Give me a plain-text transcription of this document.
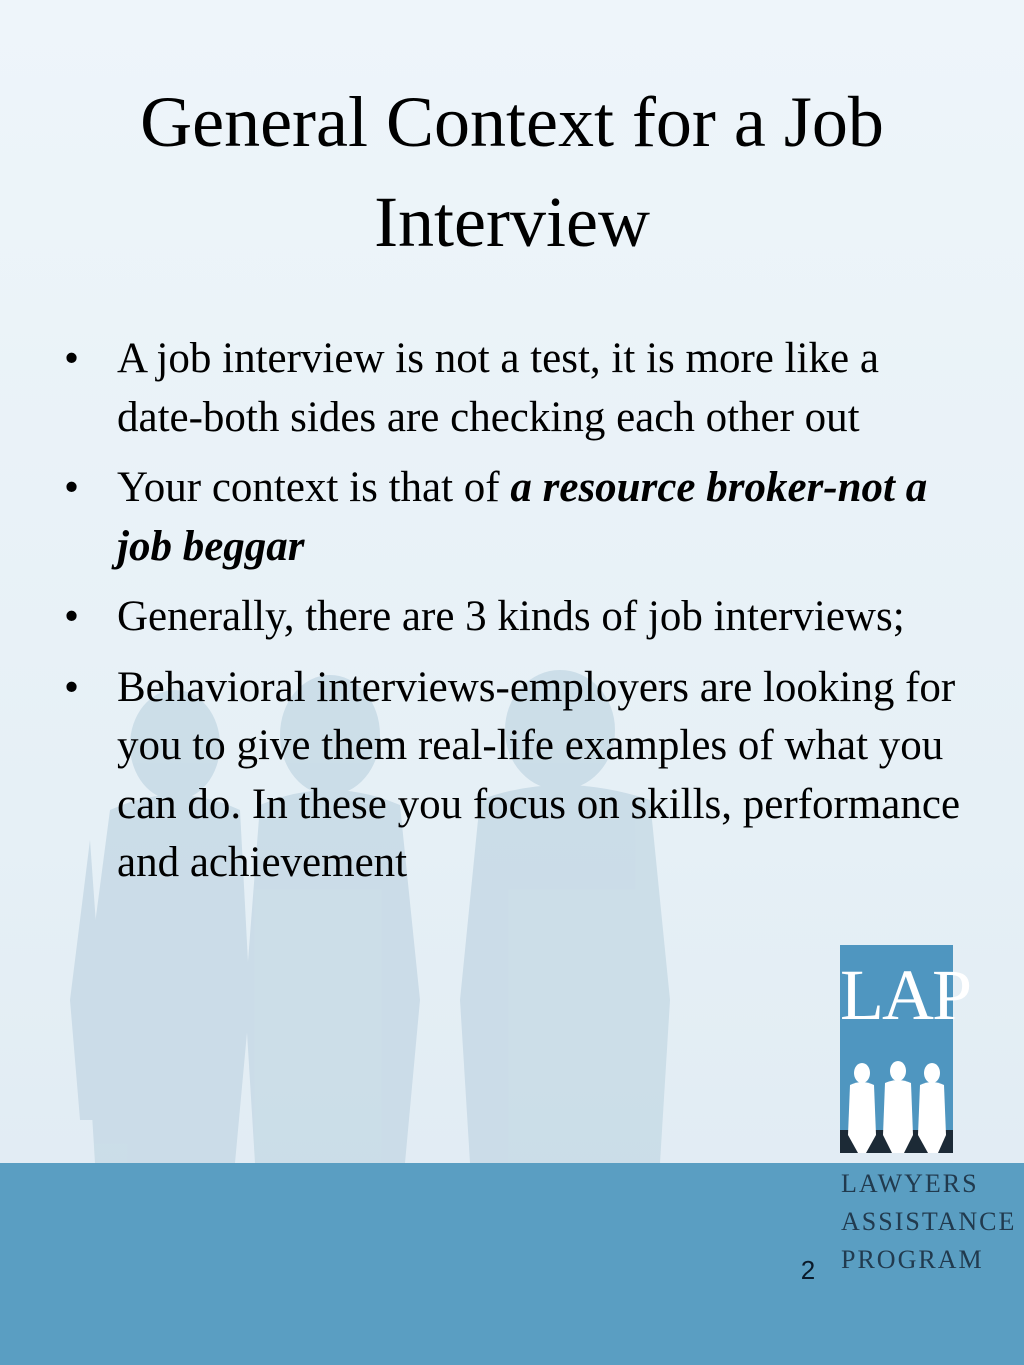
General Context for a Job Interview
• A job interview is not a test, it is more like a date-both sides are checking each other out
• Your context is that of a resource broker-not a job beggar
• Generally, there are 3 kinds of job interviews;
• Behavioral interviews-employers are looking for you to give them real-life examples of what you can do. In these you focus on skills, performance and achievement
LAP
LAWYERS
ASSISTANCE
PROGRAM
2
